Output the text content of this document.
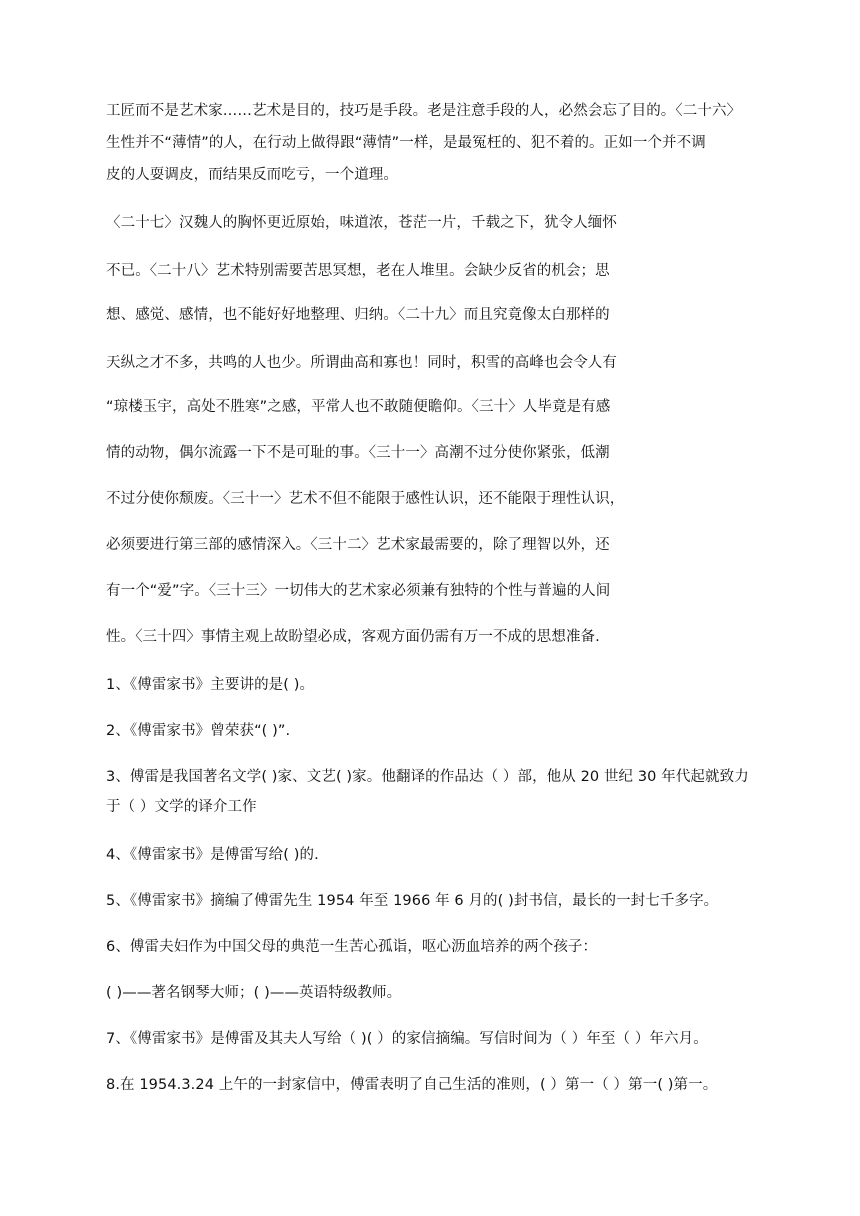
工匠而不是艺术家……艺术是目的，技巧是手段。老是注意手段的人，必然会忘了目的。〈二十六〉
生性并不“薄情”的人，在行动上做得跟“薄情”一样，是最冤枉的、犯不着的。正如一个并不调
皮的人耍调皮，而结果反而吃亏，一个道理。
〈二十七〉汉魏人的胸怀更近原始，味道浓，苍茫一片，千载之下，犹令人缅怀
不已。〈二十八〉艺术特别需要苦思冥想，老在人堆里。会缺少反省的机会；思
想、感觉、感情，也不能好好地整理、归纳。〈二十九〉而且究竟像太白那样的
天纵之才不多，共鸣的人也少。所谓曲高和寡也！同时，积雪的高峰也会令人有
“琼楼玉宇，高处不胜寒”之感，平常人也不敢随便瞻仰。〈三十〉人毕竟是有感
情的动物，偶尔流露一下不是可耻的事。〈三十一〉高潮不过分使你紧张，低潮
不过分使你颓废。〈三十一〉艺术不但不能限于感性认识，还不能限于理性认识，
必须要进行第三部的感情深入。〈三十二〉艺术家最需要的，除了理智以外，还
有一个“爱”字。〈三十三〉一切伟大的艺术家必须兼有独特的个性与普遍的人间
性。〈三十四〉事情主观上故盼望必成，客观方面仍需有万一不成的思想准备.
1、《傅雷家书》主要讲的是( )。
2、《傅雷家书》曾荣获“( )”.
3、傅雷是我国著名文学( )家、文艺( )家。他翻译的作品达（ ）部，他从 20 世纪 30 年代起就致力
于（ ）文学的译介工作
4、《傅雷家书》是傅雷写给( )的.
5、《傅雷家书》摘编了傅雷先生 1954 年至 1966 年 6 月的( )封书信，最长的一封七千多字。
6、傅雷夫妇作为中国父母的典范一生苦心孤诣，呕心沥血培养的两个孩子：
( )——著名钢琴大师；( )——英语特级教师。
7、《傅雷家书》是傅雷及其夫人写给（ )( ）的家信摘编。写信时间为（ ）年至（ ）年六月。
8.在 1954.3.24 上午的一封家信中，傅雷表明了自己生活的准则，( ）第一（ ）第一( )第一。
